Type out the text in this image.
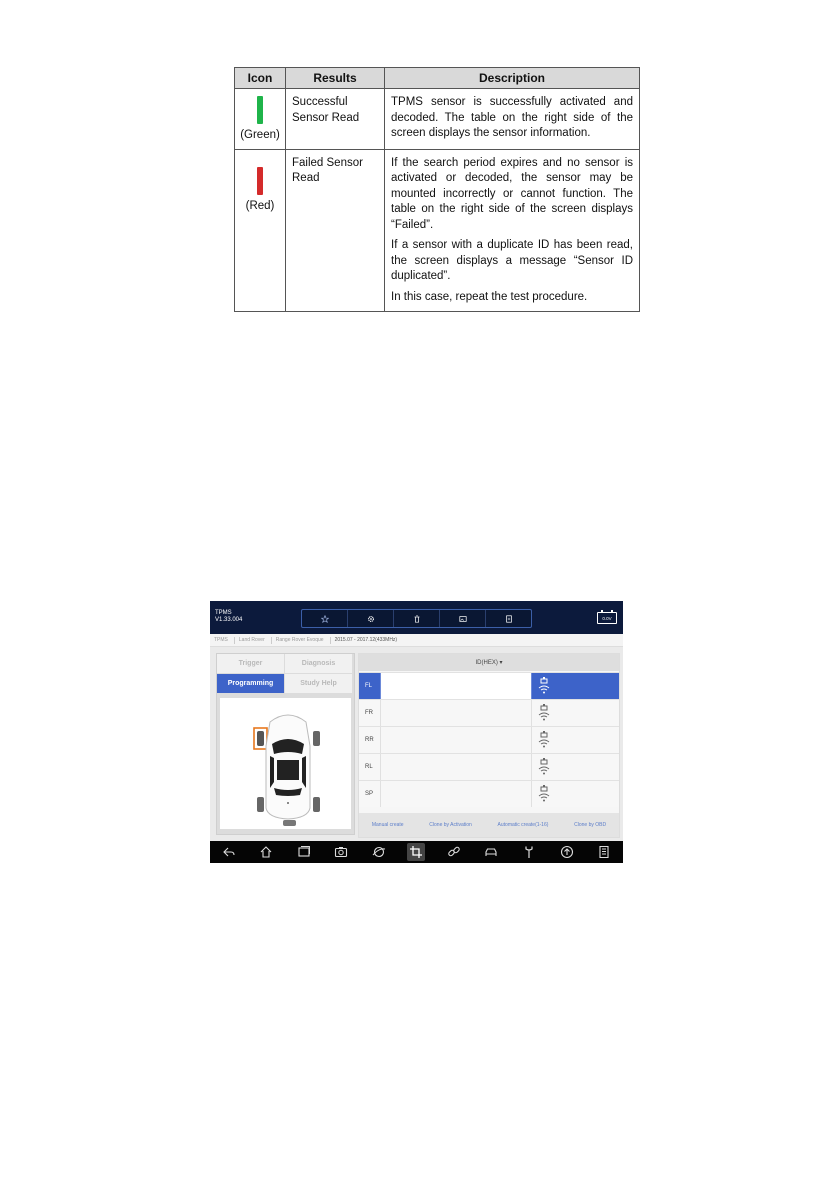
Icon	Results	Description

(Green)	Successful Sensor Read	TPMS sensor is successfully activated and decoded. The table on the right side of the screen displays the sensor information.

(Red)	Failed Sensor Read	If the search period expires and no sensor is activated or decoded, the sensor may be mounted incorrectly or cannot function. The table on the right side of the screen displays “Failed”.

If a sensor with a duplicate ID has been read, the screen displays a message “Sensor ID duplicated”.

In this case, repeat the test procedure.

TPMS
V1.33.004	0.0V
TPMS	Land Rover	Range Rover Evoque	2015.07 - 2017.12(433MHz)
Trigger	Diagnosis
Programming	Study Help
ID(HEX) ▾
FL
FR
RR
RL
SP
Manual create	Clone by Activation	Automatic create(1-16)	Clone by OBD
